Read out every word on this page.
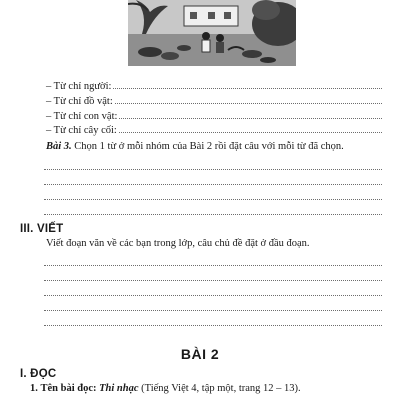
– Từ chỉ người:
– Từ chỉ đồ vật:
– Từ chỉ con vật:
– Từ chỉ cây cối:
Bài 3. Chọn 1 từ ở mỗi nhóm của Bài 2 rồi đặt câu với mỗi từ đã chọn.
III. VIẾT
Viết đoạn văn về các bạn trong lớp, câu chủ đề đặt ở đầu đoạn.
BÀI 2
I. ĐỌC
1. Tên bài đọc: Thi nhạc (Tiếng Việt 4, tập một, trang 12 – 13).
